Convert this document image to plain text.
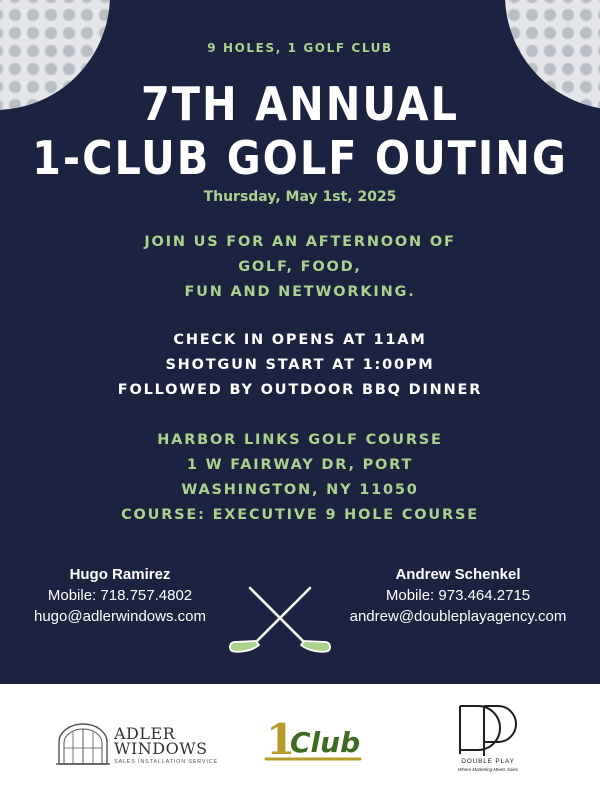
9 HOLES, 1 GOLF CLUB
7TH ANNUAL
1-CLUB GOLF OUTING
Thursday, May 1st, 2025
JOIN US FOR AN AFTERNOON OF
GOLF, FOOD,
FUN AND NETWORKING.
CHECK IN OPENS AT 11AM
SHOTGUN START AT 1:00PM
FOLLOWED BY OUTDOOR BBQ DINNER
HARBOR LINKS GOLF COURSE
1 W FAIRWAY DR, PORT
WASHINGTON, NY 11050
COURSE: EXECUTIVE 9 HOLE COURSE
Hugo Ramirez
Mobile: 718.757.4802
hugo@adlerwindows.com
Andrew Schenkel
Mobile: 973.464.2715
andrew@doubleplayagency.com
ADLER
WINDOWS
SALES INSTALLATION SERVICE 1
Club
DOUBLE PLAY
Where Marketing Meets Sales
